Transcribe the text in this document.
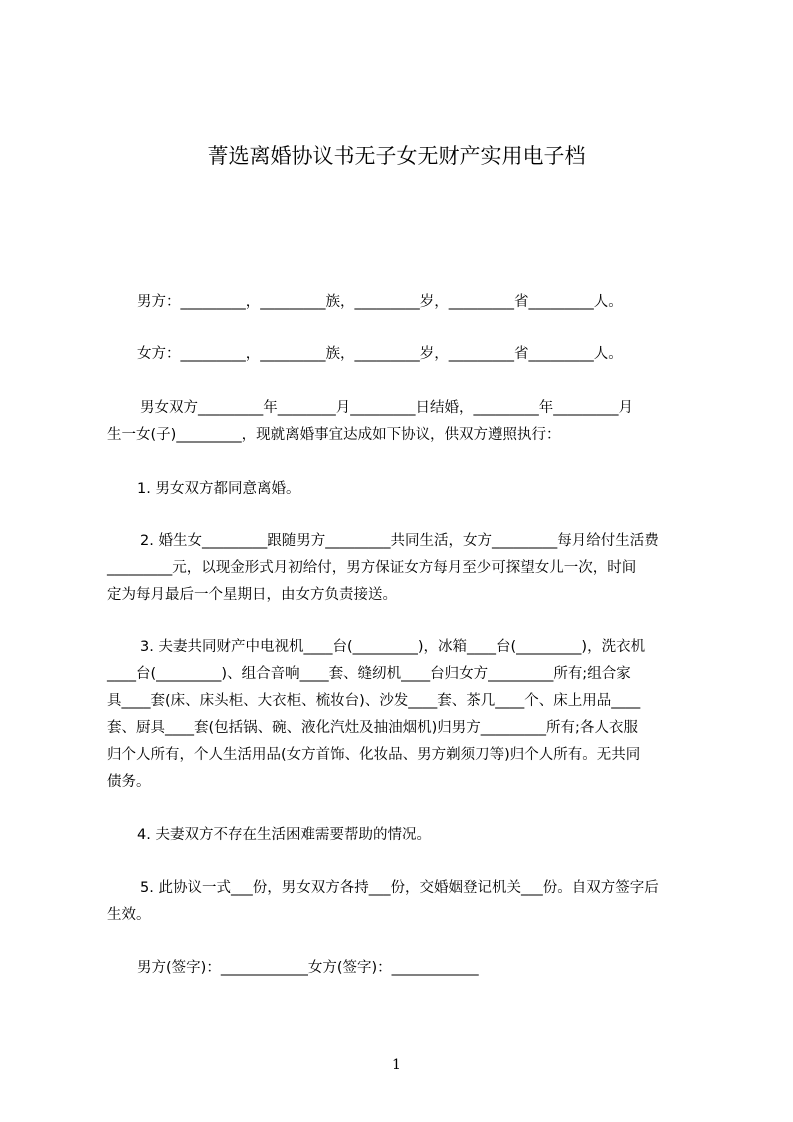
菁选离婚协议书无子女无财产实用电子档
男方：_________，_________族，_________岁，_________省_________人。
女方：_________，_________族，_________岁，_________省_________人。
男女双方_________年________月_________日结婚，_________年_________月
生一女(子)_________，现就离婚事宜达成如下协议，供双方遵照执行：
1. 男女双方都同意离婚。
2. 婚生女_________跟随男方_________共同生活，女方_________每月给付生活费
_________元，以现金形式月初给付，男方保证女方每月至少可探望女儿一次，时间
定为每月最后一个星期日，由女方负责接送。
3. 夫妻共同财产中电视机____台(_________)，冰箱____台(_________)，洗衣机
____台(_________)、组合音响____套、缝纫机____台归女方_________所有;组合家
具____套(床、床头柜、大衣柜、梳妆台)、沙发____套、茶几____个、床上用品____
套、厨具____套(包括锅、碗、液化汽灶及抽油烟机)归男方_________所有;各人衣服
归个人所有，个人生活用品(女方首饰、化妆品、男方剃须刀等)归个人所有。无共同
债务。
4. 夫妻双方不存在生活困难需要帮助的情况。
5. 此协议一式___份，男女双方各持___份，交婚姻登记机关___份。自双方签字后
生效。
男方(签字)：____________女方(签字)：____________
1
